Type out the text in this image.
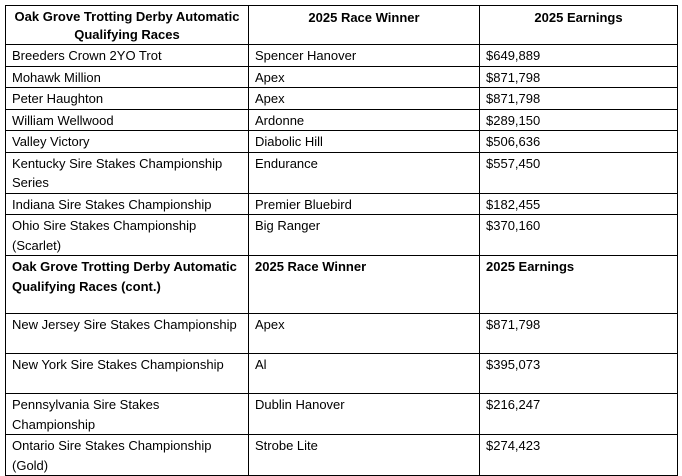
Oak Grove Trotting Derby Automatic Qualifying Races	2025 Race Winner	2025 Earnings
Breeders Crown 2YO Trot	Spencer Hanover	$649,889
Mohawk Million	Apex	$871,798
Peter Haughton	Apex	$871,798
William Wellwood	Ardonne	$289,150
Valley Victory	Diabolic Hill	$506,636
Kentucky Sire Stakes Championship Series	Endurance	$557,450
Indiana Sire Stakes Championship	Premier Bluebird	$182,455
Ohio Sire Stakes Championship (Scarlet)	Big Ranger	$370,160
Oak Grove Trotting Derby Automatic Qualifying Races (cont.)	2025 Race Winner	2025 Earnings
New Jersey Sire Stakes Championship	Apex	$871,798
New York Sire Stakes Championship	Al	$395,073
Pennsylvania Sire Stakes Championship	Dublin Hanover	$216,247
Ontario Sire Stakes Championship (Gold)	Strobe Lite	$274,423
